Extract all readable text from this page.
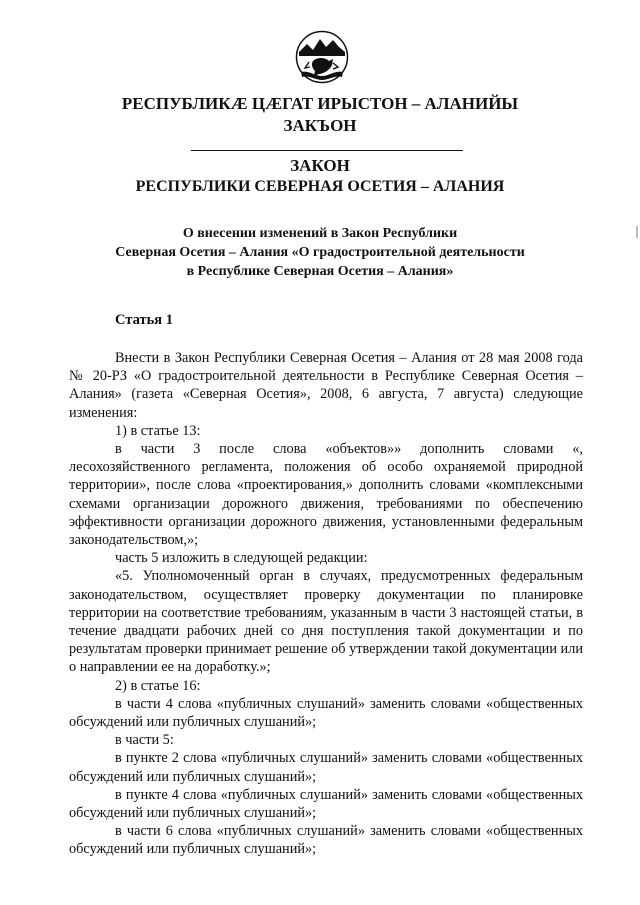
РЕСПУБЛИКÆ ЦÆГАТ ИРЫСТОН – АЛАНИЙЫ
ЗАКЪОН
ЗАКОН
РЕСПУБЛИКИ СЕВЕРНАЯ ОСЕТИЯ – АЛАНИЯ
О внесении изменений в Закон Республики
Северная Осетия – Алания «О градостроительной деятельности
в Республике Северная Осетия – Алания»
Статья 1

Внести в Закон Республики Северная Осетия – Алания от 28 мая 2008 года № 20-РЗ «О градостроительной деятельности в Республике Северная Осетия – Алания» (газета «Северная Осетия», 2008, 6 августа, 7 августа) следующие изменения:

1) в статье 13:

в части 3 после слова «объектов»» дополнить словами «, лесохозяйственного регламента, положения об особо охраняемой природной территории», после слова «проектирования,» дополнить словами «комплексными схемами организации дорожного движения, требованиями по обеспечению эффективности организации дорожного движения, установленными федеральным законодательством,»;

часть 5 изложить в следующей редакции:

«5. Уполномоченный орган в случаях, предусмотренных федеральным законодательством, осуществляет проверку документации по планировке территории на соответствие требованиям, указанным в части 3 настоящей статьи, в течение двадцати рабочих дней со дня поступления такой документации и по результатам проверки принимает решение об утверждении такой документации или о направлении ее на доработку.»;

2) в статье 16:

в части 4 слова «публичных слушаний» заменить словами «общественных обсуждений или публичных слушаний»;

в части 5:

в пункте 2 слова «публичных слушаний» заменить словами «общественных обсуждений или публичных слушаний»;

в пункте 4 слова «публичных слушаний» заменить словами «общественных обсуждений или публичных слушаний»;

в части 6 слова «публичных слушаний» заменить словами «общественных обсуждений или публичных слушаний»;
